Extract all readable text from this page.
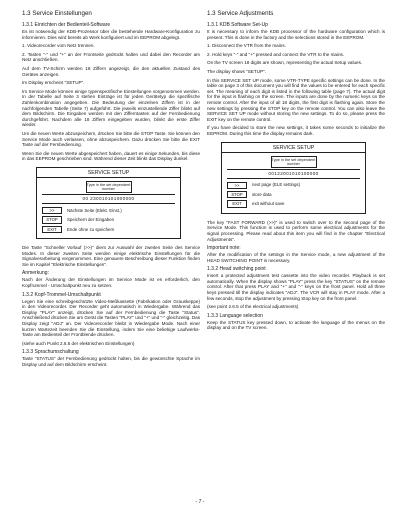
1.3 Service Einstellungen
1.3.1 Einrichten der Bedienteil-Software
Es ist notwendig der KDB-Prozessor über die bestehende Hardware-Konfiguration zu informieren. Dies wird bereits ab Werk konfiguriert und im EEPROM abgelegt.
1. Videorecorder vom Netz trennen.
2. Tasten "-" und "+" an der Frontseite gedrückt halten und dabei den Recorder am Netz anschließen.
Auf dem TV-Schirm werden 18 Ziffern angezeigt, die den aktuellen Zustand des Gerätes anzeigen.
Im Display erscheint "SETUP".
Im Service Mode können einige typenspezifische Einstellungen vorgenommen werden. In der Tabelle auf Seite 3 stehen Einträge ist für jeden Gerätetyp die spezifische Zahlenkombination angegeben. Die Bedeutung der einzelnen Ziffern ist in der nachfolgenden Tabelle (Seite 7) aufgeführt. Die jeweils einzustellende Ziffer blinkt auf dem Bildschirm. Die Eingaben werden mit den Zifferntasten auf der Fernbedienung durchgeführt. Nachdem alle 18 Ziffern eingegeben wurden, blinkt die erste Ziffer wieder.
Um die neuen Werte abzuspeichern, drücken Sie bitte die STOP Taste. Sie können den Service Mode auch verlassen, ohne abzuspeichern. Dazu drücken Sie bitte die EXIT Taste auf der Fernbedienung.
Wenn Sie die neuen Werte abgespeichert haben, dauert es einige Sekunden, bis diese in das EEPROM geschrieben sind. Während dieser Zeit blinkt das Display dunkel.
SERVICE SETUP
Type in the set dependent number
00 230010101000000
>>	Nächste Seite (Elekt. Einst.)
STOP	Speichern der Eingaben
EXIT	Ende ohne zu speichern
Die Taste "Schneller Vorlauf (>>)" dient zur Auswahl der zweiten Seite des Service Modes. In dieser zweiten Seite werden einige elektrische Einstellungen für die Signalverarbeitung vorgenommen. Eine genauere Beschreibung dieser Funktion finden Sie im Kapitel "Elektrische Einstellungen".
Anmerkung:
Nach der Änderung der Einstellungen im Service Mode ist es erforderlich, den Kopfrummel - Umschaltpunkt neu zu setzen.
1.3.2 Kopf-Trommel-Umschaltpunkt
Legen Sie eine schreibgeschützte Video-Meßkassette (Fabrikation oder Grauskeppe) in den Videorecorder. Der Recorder geht automatisch in Wiedergabe. Während das Display "PLAY" anzeigt, drücken Sie auf der Fernbedienung die Taste "Status". Anschließend drücken Sie am Gerät die Tasten "PLAY" und "+" und "-" gleichzeitig. Das Display zeigt "ADJ" an. Der Videorecorder bleibt in Wiedergabe Mode. Nach einer kurzen Wartezeit beenden Sie die Einstellung, indem Sie eine beliebige Laufwerks-Taste am Bedienteil der Frontblende drücken.
(siehe auch Punkt 2.6.5 der elektrischen Einstellungen)
1.3.3 Sprachumschaltung
Taste "STATUS" der Fernbedienung gedrückt halten, bis die gewünschte Sprache im Display und auf dem Bildschirm erscheint.
1.3 Service Adjustments
1.3.1 KDB Software Set-Up
It is necessary to inform the KDB processor of the hardware configuration which is present. This is done in the factory and the selections stored in the EEPROM.
1. Disconnect the VTR from the mains.
2. Hold keys "-" and "+" pressed and connect the VTR to the mains.
On the TV screen 18 digits are shown, representing the actual Setup values.
The display shows "SETUP".
In this SERVICE SET UP mode, some VTR-TYPE specific settings can be done. In the table on page 3 of this document you will find the values to be entered for each specific set. The meaning of each digit is listed in the following table (page 7). The actual digit for the input is flashing on the screen. The inputs are done by the numeric keys on the remote control. After the input of all 18 digits, the first digit is flashing again. Store the new settings by pressing the STOP key on the remote control. You can also leave the SERVICE SET UP mode without storing the new settings. To do so, please press the EXIT key on the remote control.
If you have decided to store the new settings, it takes some seconds to initialize the EEPROM. During this time the display remains dark.
SERVICE SETUP
Type in the set dependent number
00122001010100000
>>	next page (ELE settings)
STOP	store data
EXIT	exit without save
The key "FAST FORWARD (>>)" is used to switch over to the second page of the Service Mode. This function is used to perform some electrical adjustments for the signal processing. Please read about this item you will find in the chapter "Electrical Adjustments".
Important note:
After the modification of the settings in the Service mode, a new adjustment of the HEAD SWITCHING POINT is necessary.
1.3.2 Head switching point
Insert a protected adjustment test cassette into the video recorder. Playback is set automatically. When the display shows "PLAY" press the key "STATUS" on the remote control. After that press PLAY and "+" and "-" keys on the front panel. Hold all three keys pressed till the display indicates "ADJ". The VCR will stay in PLAY mode. After a few seconds, stop the adjustment by pressing Stop key on the front panel.
(see point 2.6.5 of the electrical adjustments)
1.3.3 Language selection
Keep the STATUS key pressed down, to activate the language of the menus on the display and on the TV screen.
- 7 -
